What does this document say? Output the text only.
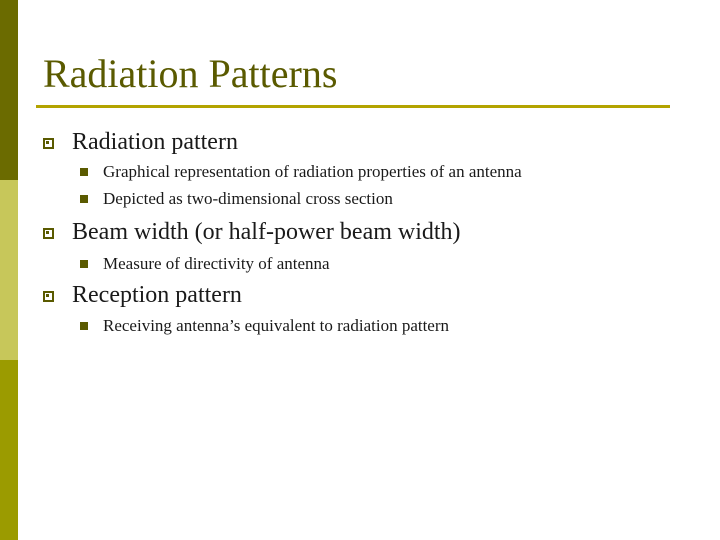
Radiation Patterns
Radiation pattern
Graphical representation of radiation properties of an antenna
Depicted as two-dimensional cross section
Beam width (or half-power beam width)
Measure of directivity of antenna
Reception pattern
Receiving antenna’s equivalent to radiation pattern
